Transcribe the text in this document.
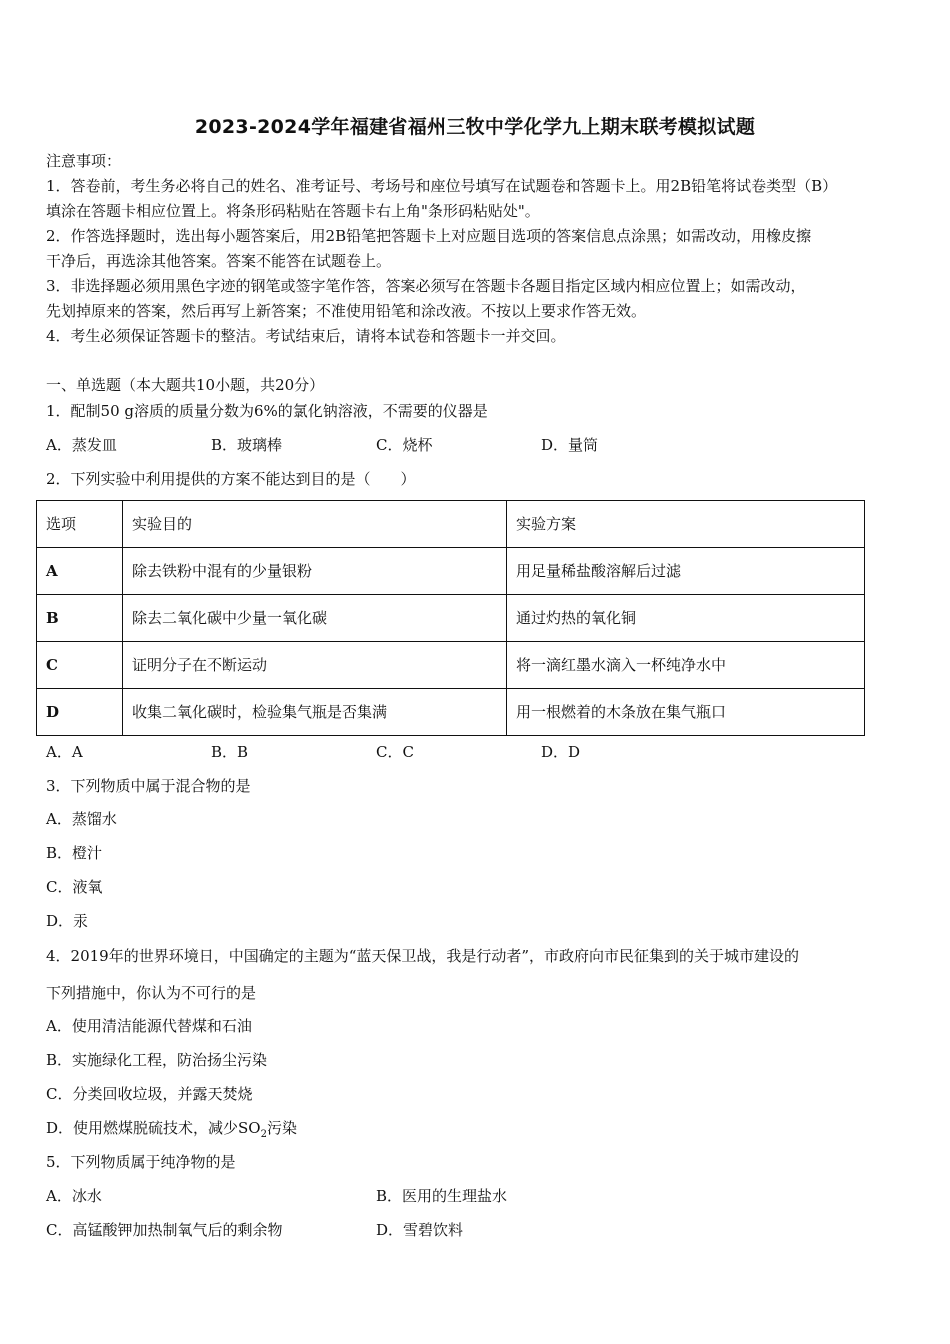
2023-2024学年福建省福州三牧中学化学九上期末联考模拟试题
注意事项：
1．答卷前，考生务必将自己的姓名、准考证号、考场号和座位号填写在试题卷和答题卡上。用2B铅笔将试卷类型（B）
填涂在答题卡相应位置上。将条形码粘贴在答题卡右上角"条形码粘贴处"。
2．作答选择题时，选出每小题答案后，用2B铅笔把答题卡上对应题目选项的答案信息点涂黑；如需改动，用橡皮擦
干净后，再选涂其他答案。答案不能答在试题卷上。
3．非选择题必须用黑色字迹的钢笔或签字笔作答，答案必须写在答题卡各题目指定区域内相应位置上；如需改动，
先划掉原来的答案，然后再写上新答案；不准使用铅笔和涂改液。不按以上要求作答无效。
4．考生必须保证答题卡的整洁。考试结束后，请将本试卷和答题卡一并交回。
一、单选题（本大题共10小题，共20分）
1．配制50 g溶质的质量分数为6%的氯化钠溶液，不需要的仪器是
A．蒸发皿	B．玻璃棒	C．烧杯	D．量筒
2．下列实验中利用提供的方案不能达到目的是（　　）
选项	实验目的	实验方案
A	除去铁粉中混有的少量银粉	用足量稀盐酸溶解后过滤
B	除去二氧化碳中少量一氧化碳	通过灼热的氧化铜
C	证明分子在不断运动	将一滴红墨水滴入一杯纯净水中
D	收集二氧化碳时，检验集气瓶是否集满	用一根燃着的木条放在集气瓶口
A．A	B．B	C．C	D．D
3．下列物质中属于混合物的是
A．蒸馏水
B．橙汁
C．液氧
D．汞
4．2019年的世界环境日，中国确定的主题为“蓝天保卫战，我是行动者”，市政府向市民征集到的关于城市建设的
下列措施中，你认为不可行的是
A．使用清洁能源代替煤和石油
B．实施绿化工程，防治扬尘污染
C．分类回收垃圾，并露天焚烧
D．使用燃煤脱硫技术，减少$SO_2$污染
5．下列物质属于纯净物的是
A．冰水	B．医用的生理盐水
C．高锰酸钾加热制氧气后的剩余物	D．雪碧饮料
